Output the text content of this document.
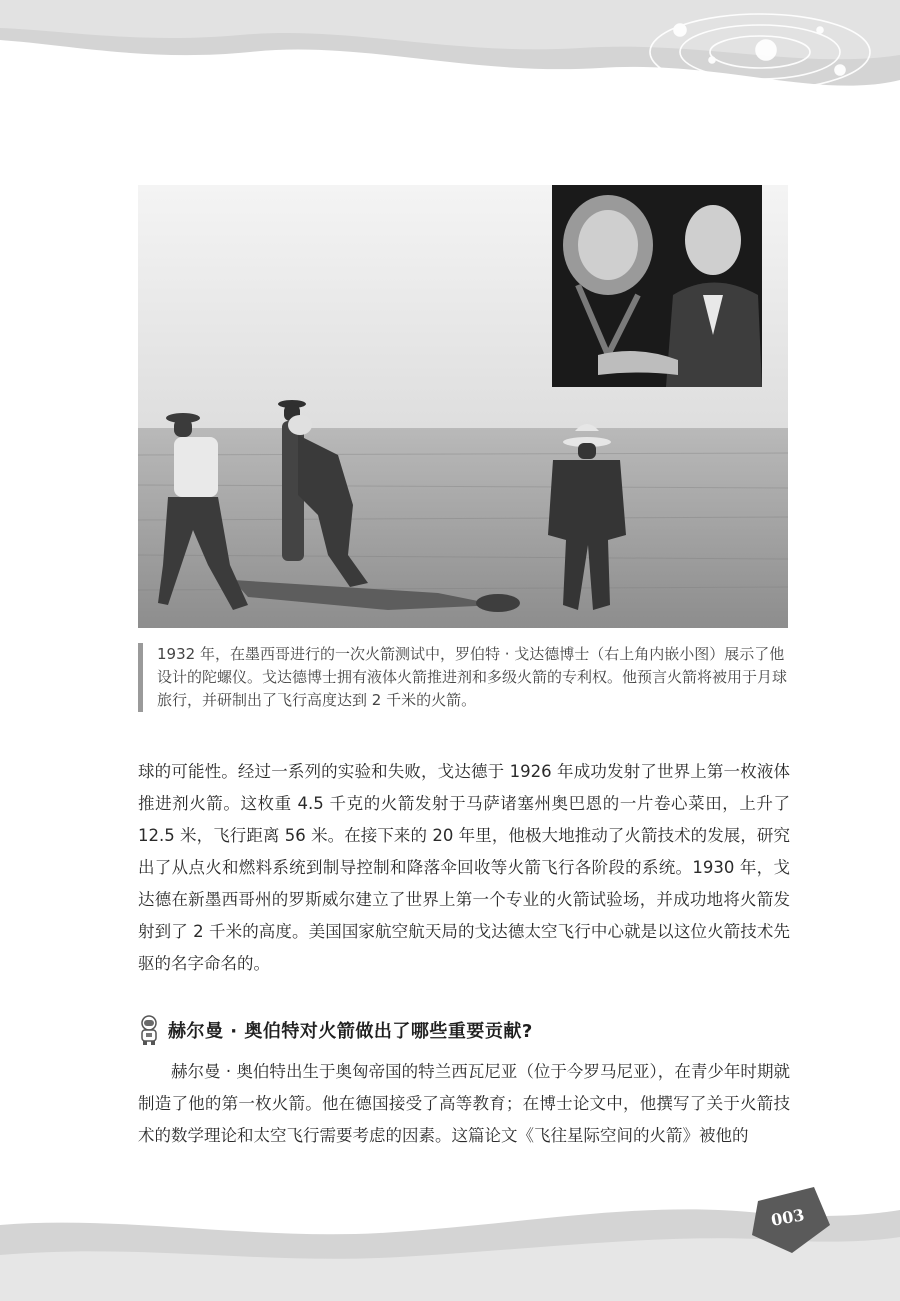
1932 年，在墨西哥进行的一次火箭测试中，罗伯特 · 戈达德博士（右上角内嵌小图）展示了他设计的陀螺仪。戈达德博士拥有液体火箭推进剂和多级火箭的专利权。他预言火箭将被用于月球旅行，并研制出了飞行高度达到 2 千米的火箭。
球的可能性。经过一系列的实验和失败，戈达德于 1926 年成功发射了世界上第一枚液体推进剂火箭。这枚重 4.5 千克的火箭发射于马萨诸塞州奥巴恩的一片卷心菜田，上升了 12.5 米，飞行距离 56 米。在接下来的 20 年里，他极大地推动了火箭技术的发展，研究出了从点火和燃料系统到制导控制和降落伞回收等火箭飞行各阶段的系统。1930 年，戈达德在新墨西哥州的罗斯威尔建立了世界上第一个专业的火箭试验场，并成功地将火箭发射到了 2 千米的高度。美国国家航空航天局的戈达德太空飞行中心就是以这位火箭技术先驱的名字命名的。
赫尔曼 · 奥伯特对火箭做出了哪些重要贡献?
赫尔曼 · 奥伯特出生于奥匈帝国的特兰西瓦尼亚（位于今罗马尼亚），在青少年时期就制造了他的第一枚火箭。他在德国接受了高等教育；在博士论文中，他撰写了关于火箭技术的数学理论和太空飞行需要考虑的因素。这篇论文《飞往星际空间的火箭》被他的
003
